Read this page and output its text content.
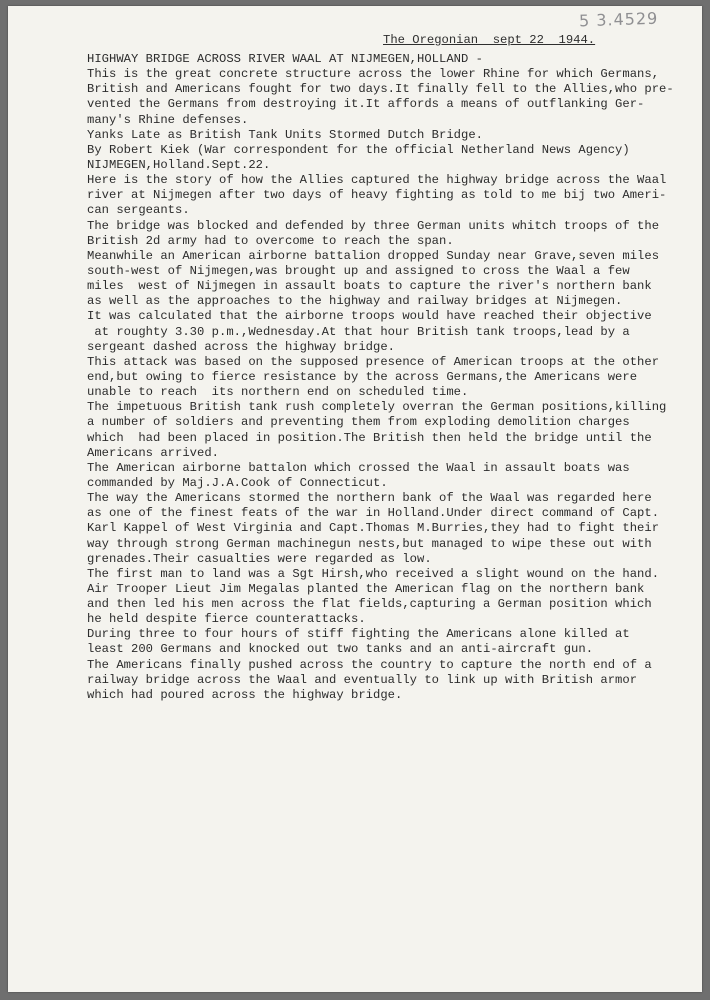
5 3.4529
The Oregonian  sept 22  1944.
HIGHWAY BRIDGE ACROSS RIVER WAAL AT NIJMEGEN,HOLLAND -
This is the great concrete structure across the lower Rhine for which Germans,
British and Americans fought for two days.It finally fell to the Allies,who pre-
vented the Germans from destroying it.It affords a means of outflanking Ger-
many's Rhine defenses.
Yanks Late as British Tank Units Stormed Dutch Bridge.
By Robert Kiek (War correspondent for the official Netherland News Agency)
NIJMEGEN,Holland.Sept.22.
Here is the story of how the Allies captured the highway bridge across the Waal
river at Nijmegen after two days of heavy fighting as told to me bij two Ameri-
can sergeants.
The bridge was blocked and defended by three German units whitch troops of the
British 2d army had to overcome to reach the span.
Meanwhile an American airborne battalion dropped Sunday near Grave,seven miles
south-west of Nijmegen,was brought up and assigned to cross the Waal a few
miles  west of Nijmegen in assault boats to capture the river's northern bank
as well as the approaches to the highway and railway bridges at Nijmegen.
It was calculated that the airborne troops would have reached their objective
at roughty 3.30 p.m.,Wednesday.At that hour British tank troops,lead by a
sergeant dashed across the highway bridge.
This attack was based on the supposed presence of American troops at the other
end,but owing to fierce resistance by the across Germans,the Americans were
unable to reach  its northern end on scheduled time.
The impetuous British tank rush completely overran the German positions,killing
a number of soldiers and preventing them from exploding demolition charges
which  had been placed in position.The British then held the bridge until the
Americans arrived.
The American airborne battalon which crossed the Waal in assault boats was
commanded by Maj.J.A.Cook of Connecticut.
The way the Americans stormed the northern bank of the Waal was regarded here
as one of the finest feats of the war in Holland.Under direct command of Capt.
Karl Kappel of West Virginia and Capt.Thomas M.Burries,they had to fight their
way through strong German machinegun nests,but managed to wipe these out with
grenades.Their casualties were regarded as low.
The first man to land was a Sgt Hirsh,who received a slight wound on the hand.
Air Trooper Lieut Jim Megalas planted the American flag on the northern bank
and then led his men across the flat fields,capturing a German position which
he held despite fierce counterattacks.
During three to four hours of stiff fighting the Americans alone killed at
least 200 Germans and knocked out two tanks and an anti-aircraft gun.
The Americans finally pushed across the country to capture the north end of a
railway bridge across the Waal and eventually to link up with British armor
which had poured across the highway bridge.
